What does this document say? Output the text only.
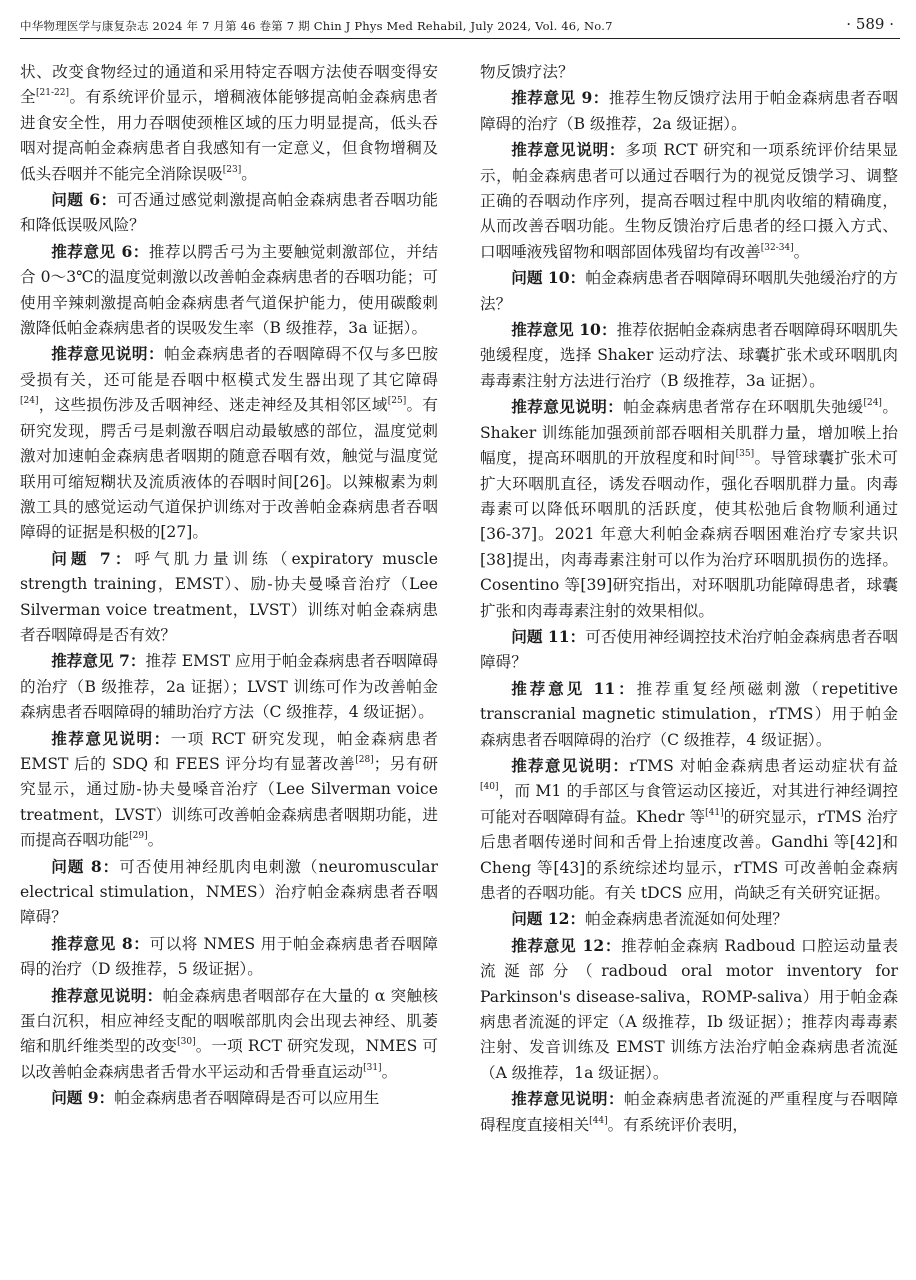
中华物理医学与康复杂志 2024 年 7 月第 46 卷第 7 期 Chin J Phys Med Rehabil, July 2024, Vol. 46, No.7	· 589 ·

状、改变食物经过的通道和采用特定吞咽方法使吞咽变得安全[21-22]。有系统评价显示，增稠液体能够提高帕金森病患者进食安全性，用力吞咽使颈椎区域的压力明显提高，低头吞咽对提高帕金森病患者自我感知有一定意义，但食物增稠及低头吞咽并不能完全消除误吸[23]。

问题 6：可否通过感觉刺激提高帕金森病患者吞咽功能和降低误吸风险？

推荐意见 6：推荐以腭舌弓为主要触觉刺激部位，并结合 0～3℃的温度觉刺激以改善帕金森病患者的吞咽功能；可使用辛辣刺激提高帕金森病患者气道保护能力，使用碳酸刺激降低帕金森病患者的误吸发生率（B 级推荐，3a 证据）。

推荐意见说明：帕金森病患者的吞咽障碍不仅与多巴胺受损有关，还可能是吞咽中枢模式发生器出现了其它障碍[24]，这些损伤涉及舌咽神经、迷走神经及其相邻区域[25]。有研究发现，腭舌弓是刺激吞咽启动最敏感的部位，温度觉刺激对加速帕金森病患者咽期的随意吞咽有效，触觉与温度觉联用可缩短糊状及流质液体的吞咽时间[26]。以辣椒素为刺激工具的感觉运动气道保护训练对于改善帕金森病患者吞咽障碍的证据是积极的[27]。

问题 7：呼气肌力量训练（expiratory muscle strength training，EMST）、励-协夫曼嗓音治疗（Lee Silverman voice treatment，LVST）训练对帕金森病患者吞咽障碍是否有效？

推荐意见 7：推荐 EMST 应用于帕金森病患者吞咽障碍的治疗（B 级推荐，2a 证据）；LVST 训练可作为改善帕金森病患者吞咽障碍的辅助治疗方法（C 级推荐，4 级证据）。

推荐意见说明：一项 RCT 研究发现，帕金森病患者 EMST 后的 SDQ 和 FEES 评分均有显著改善[28]；另有研究显示，通过励-协夫曼嗓音治疗（Lee Silverman voice treatment，LVST）训练可改善帕金森病患者咽期功能，进而提高吞咽功能[29]。

问题 8：可否使用神经肌肉电刺激（neuromuscular electrical stimulation，NMES）治疗帕金森病患者吞咽障碍？

推荐意见 8：可以将 NMES 用于帕金森病患者吞咽障碍的治疗（D 级推荐，5 级证据）。

推荐意见说明：帕金森病患者咽部存在大量的 α 突触核蛋白沉积，相应神经支配的咽喉部肌肉会出现去神经、肌萎缩和肌纤维类型的改变[30]。一项 RCT 研究发现，NMES 可以改善帕金森病患者舌骨水平运动和舌骨垂直运动[31]。

问题 9：帕金森病患者吞咽障碍是否可以应用生

物反馈疗法？

推荐意见 9：推荐生物反馈疗法用于帕金森病患者吞咽障碍的治疗（B 级推荐，2a 级证据）。

推荐意见说明：多项 RCT 研究和一项系统评价结果显示，帕金森病患者可以通过吞咽行为的视觉反馈学习、调整正确的吞咽动作序列，提高吞咽过程中肌肉收缩的精确度，从而改善吞咽功能。生物反馈治疗后患者的经口摄入方式、口咽唾液残留物和咽部固体残留均有改善[32-34]。

问题 10：帕金森病患者吞咽障碍环咽肌失弛缓治疗的方法？

推荐意见 10：推荐依据帕金森病患者吞咽障碍环咽肌失弛缓程度，选择 Shaker 运动疗法、球囊扩张术或环咽肌肉毒毒素注射方法进行治疗（B 级推荐，3a 证据）。

推荐意见说明：帕金森病患者常存在环咽肌失弛缓[24]。Shaker 训练能加强颈前部吞咽相关肌群力量，增加喉上抬幅度，提高环咽肌的开放程度和时间[35]。导管球囊扩张术可扩大环咽肌直径，诱发吞咽动作，强化吞咽肌群力量。肉毒毒素可以降低环咽肌的活跃度，使其松弛后食物顺利通过[36-37]。2021 年意大利帕金森病吞咽困难治疗专家共识[38]提出，肉毒毒素注射可以作为治疗环咽肌损伤的选择。Cosentino 等[39]研究指出，对环咽肌功能障碍患者，球囊扩张和肉毒毒素注射的效果相似。

问题 11：可否使用神经调控技术治疗帕金森病患者吞咽障碍？

推荐意见 11：推荐重复经颅磁刺激（repetitive transcranial magnetic stimulation，rTMS）用于帕金森病患者吞咽障碍的治疗（C 级推荐，4 级证据）。

推荐意见说明：rTMS 对帕金森病患者运动症状有益[40]，而 M1 的手部区与食管运动区接近，对其进行神经调控可能对吞咽障碍有益。Khedr 等[41]的研究显示，rTMS 治疗后患者咽传递时间和舌骨上抬速度改善。Gandhi 等[42]和 Cheng 等[43]的系统综述均显示，rTMS 可改善帕金森病患者的吞咽功能。有关 tDCS 应用，尚缺乏有关研究证据。

问题 12：帕金森病患者流涎如何处理？

推荐意见 12：推荐帕金森病 Radboud 口腔运动量表流涎部分（radboud oral motor inventory for Parkinson's disease-saliva，ROMP-saliva）用于帕金森病患者流涎的评定（A 级推荐，Ib 级证据）；推荐肉毒毒素注射、发音训练及 EMST 训练方法治疗帕金森病患者流涎（A 级推荐，1a 级证据）。

推荐意见说明：帕金森病患者流涎的严重程度与吞咽障碍程度直接相关[44]。有系统评价表明，
